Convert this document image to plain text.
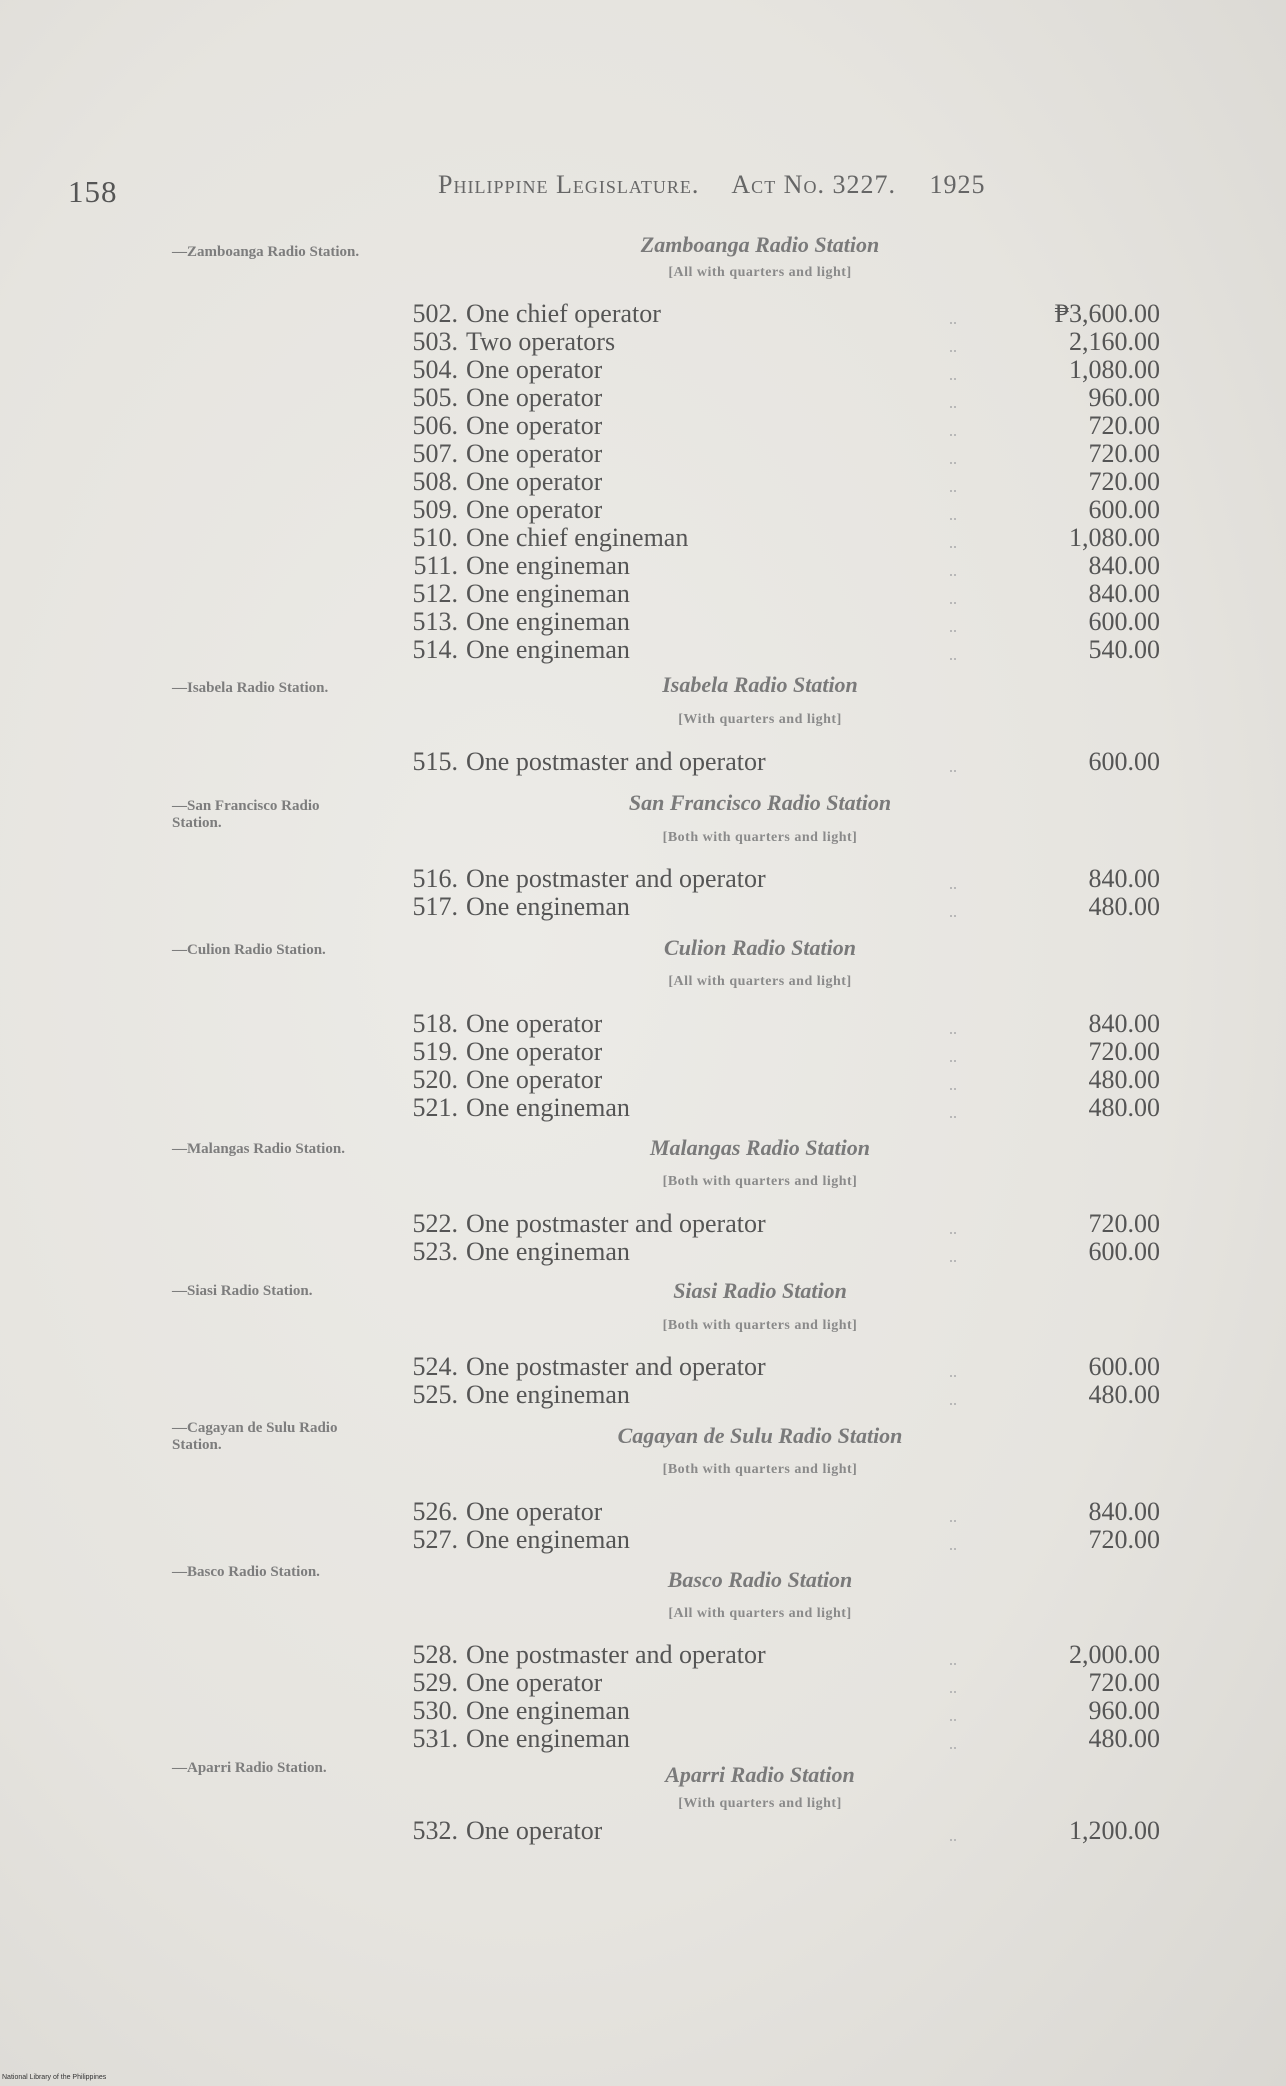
158	Philippine Legislature. Act No. 3227. 1925
—Zamboanga Radio Station.	Zamboanga Radio Station
[All with quarters and light]
502. One chief operator	₱3,600.00
503. Two operators	2,160.00
504. One operator	1,080.00
505. One operator	960.00
506. One operator	720.00
507. One operator	720.00
508. One operator	720.00
509. One operator	600.00
510. One chief engineman	1,080.00
511. One engineman	840.00
512. One engineman	840.00
513. One engineman	600.00
514. One engineman	540.00
—Isabela Radio Station.	Isabela Radio Station
[With quarters and light]
515. One postmaster and operator	600.00
—San Francisco Radio Station.
San Francisco Radio Station
[Both with quarters and light]
516. One postmaster and operator	840.00
517. One engineman	480.00
—Culion Radio Station.	Culion Radio Station
[All with quarters and light]
518. One operator	840.00
519. One operator	720.00
520. One operator	480.00
521. One engineman	480.00
—Malangas Radio Station.	Malangas Radio Station
[Both with quarters and light]
522. One postmaster and operator	720.00
523. One engineman	600.00
—Siasi Radio Station.	Siasi Radio Station
[Both with quarters and light]
524. One postmaster and operator	600.00
525. One engineman	480.00
—Cagayan de Sulu Radio Station.	Cagayan de Sulu Radio Station
[Both with quarters and light]
526. One operator	840.00
527. One engineman	720.00
—Basco Radio Station.	Basco Radio Station
[All with quarters and light]
528. One postmaster and operator	2,000.00
529. One operator	720.00
530. One engineman	960.00
531. One engineman	480.00
—Aparri Radio Station.	Aparri Radio Station
[With quarters and light]
532. One operator	1,200.00
National Library of the Philippines
